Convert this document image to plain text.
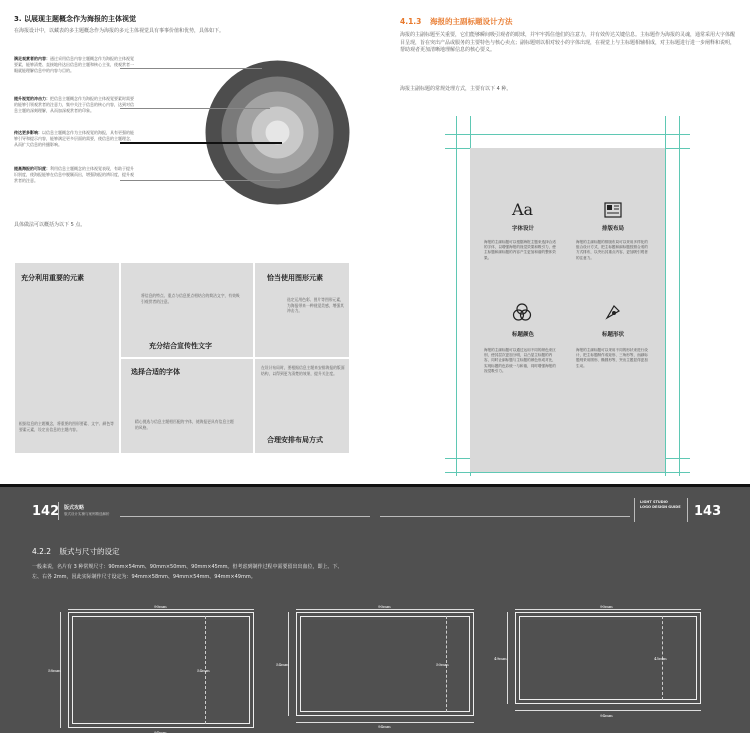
3. 以展现主题概念作为海报的主体视觉
在海报设计中，以藏表的多主题概念作为海报的多元主体视觉具有事事价值和优势，具体如下。
满足观赏者的内容：通过采用信息内容主题概念作为海报的主体视觉要素，能够清楚、直接地传达出信息的主题和核心主张，使观赏者一眼就能理解信息中的内容与目的。
提升视觉的冲击力：把信息主题概念作为海报的主体视觉要素时需要的能够引领观赏者的注意力，集中关注于信息的核心内容，达到对信息主题的深刻理解，从而加深观赏者的印象。
传达更多影响：以信息主题概念作为主体视觉的海报，具有更强的能够引导和提示内容，能够满足更多层面的需要，使信息的主题理念，从而扩大信息的传播影响。
提高海报的可识度：利用信息主题概念的主体视觉表现，有助于提升识别度，使海报能够在信息中脱颖而出，增强海报的辨识度，提升观赏者的注意。
具体做法可以概括为以下 5 点。
充分利用重要的元素
根据信息的主题概念，将重要的图形要素、文字、颜色等要素元素，设定出信息的主题内容。
将信息的特点、重点与信息要点相结合的简洁文字，有效吸引观赏者的注意。
充分结合宣传性文字
恰当使用图形元素
选定运用色彩、图片等图形元素，为海报带来一种视觉美感，增强其冲击力。
选择合适的字体
精心挑选与信息主题相匹配的字体，使海报更具有信息主题的风格。
在设计布局时，要根据信息主题来安排海报的版面结构，以得到更为清楚的效果，提升关注度。
合理安排布局方式
4.1.3 海报的主副标题设计方法
海报的主副标题至关重要，它们能够瞬间吸引观者的眼球，并牢牢抓住他们的注意力，并有效传达关键信息。主标题作为海报的灵魂，通常采用大字体醒目呈现，旨在突出产品或服务的主要特色与核心卖点；副标题则以相对较小的字体出现，在视觉上与主标题相辅相成，对主标题进行进一步阐释和说明，帮助观者更加清晰地理解信息的核心要义。
海报主副标题的常规处理方式，主要有以下 4 种。
Aa
字体设计
海报的主副标题可以根据海报主题来选择合适的字体，以增强海报的视觉效果和吸引力，使主标题和副标题的内容产生更加和谐的整体效果。
排版布局
海报的主副标题的排版布局可以采用多样化的组合设计方式，把主标题和副标题按照合适的方式排布，以突出其重点内容，更加吸引观者的注意力。
标题颜色
海报的主副标题可以通过运用不同的颜色来区别，使其层次更加分明，以凸显主标题的内容，同时让副标题与主标题的颜色形成对比，实现标题的色彩统一与和谐，同时增强海报的视觉吸引力。
标题形状
海报的主副标题可以采用不同的形状来进行设计，把主标题制作成矩形、三角形等，而副标题则采用圆形、椭圆形等，突出主题显得更加生动。
142 版式攻略
版式设计实操与案例精选解析
LIGHT STUDIO
LOGO DESIGN GUIDE 143
4.2.2 版式与尺寸的设定
一般来说，名片有 3 种常规尺寸：90mm×54mm、90mm×50mm、90mm×45mm。但考虑到制作过程中需要留出出血位，即上、下、左、右各 2mm，因此实际制作尺寸设定为：94mm×58mm、94mm×54mm、94mm×49mm。
90mm
58mm	54mm
90mm
54mm	50mm
94mm
90mm
49mm	45mm
94mm
94mm
